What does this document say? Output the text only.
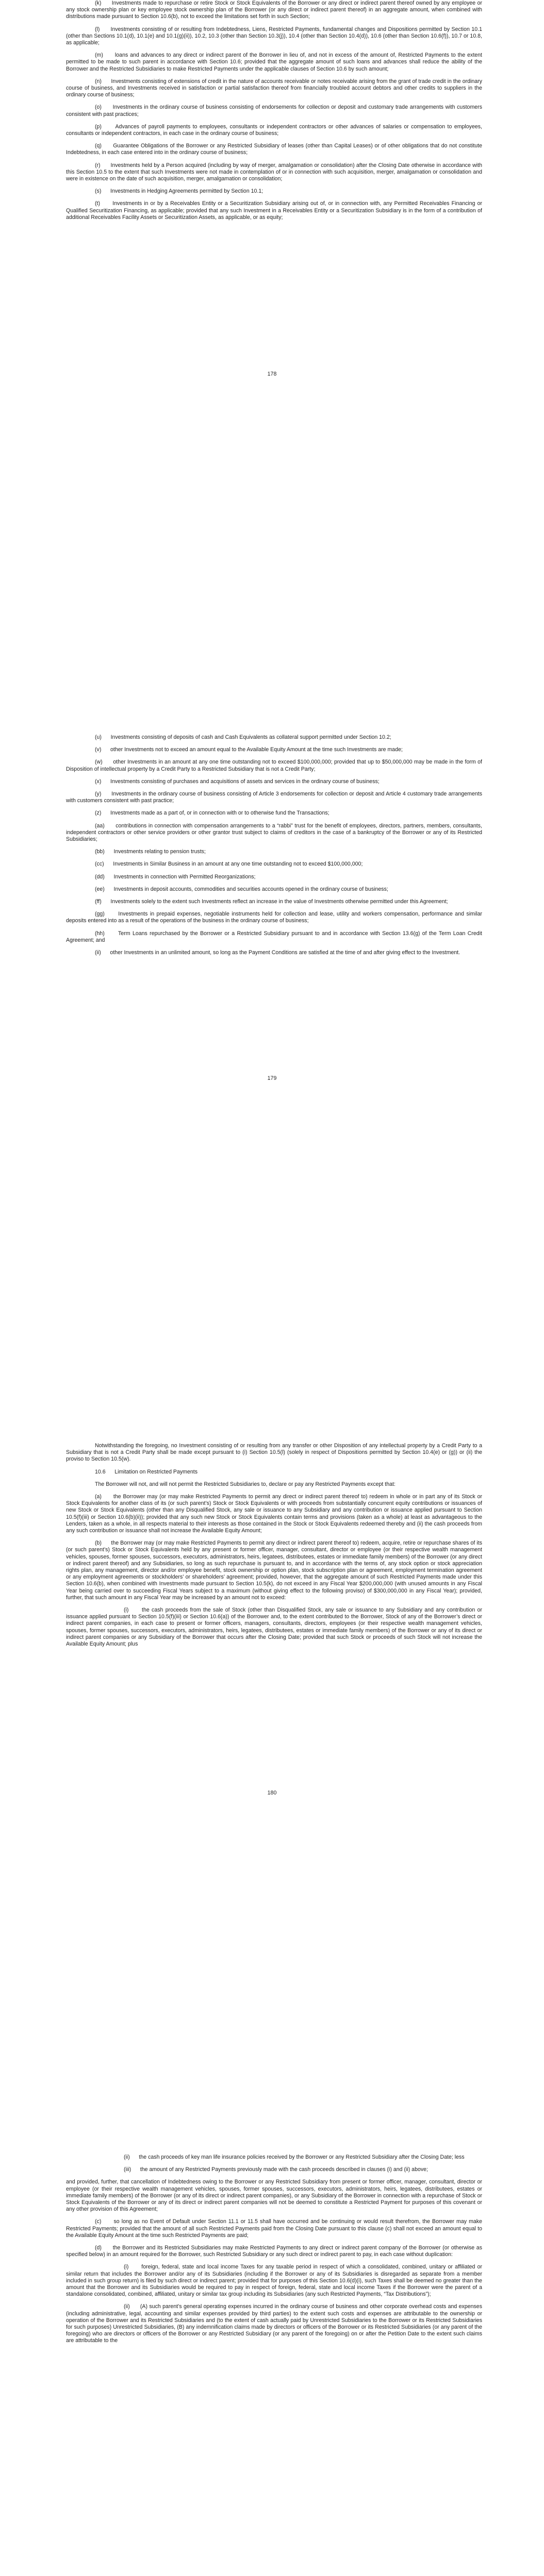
(k)      Investments made to repurchase or retire Stock or Stock Equivalents of the Borrower or any direct or indirect parent thereof owned by any employee or any stock ownership plan or key employee stock ownership plan of the Borrower (or any direct or indirect parent thereof) in an aggregate amount, when combined with distributions made pursuant to Section 10.6(b), not to exceed the limitations set forth in such Section;

(l)      Investments consisting of or resulting from Indebtedness, Liens, Restricted Payments, fundamental changes and Dispositions permitted by Section 10.1 (other than Sections 10.1(d), 10.1(e) and 10.1(g)(ii)), 10.2, 10.3 (other than Section 10.3(j)), 10.4 (other than Section 10.4(d)), 10.6 (other than Section 10.6(f)), 10.7 or 10.8, as applicable;

(m)      loans and advances to any direct or indirect parent of the Borrower in lieu of, and not in excess of the amount of, Restricted Payments to the extent permitted to be made to such parent in accordance with Section 10.6; provided that the aggregate amount of such loans and advances shall reduce the ability of the Borrower and the Restricted Subsidiaries to make Restricted Payments under the applicable clauses of Section 10.6 by such amount;

(n)      Investments consisting of extensions of credit in the nature of accounts receivable or notes receivable arising from the grant of trade credit in the ordinary course of business, and Investments received in satisfaction or partial satisfaction thereof from financially troubled account debtors and other credits to suppliers in the ordinary course of business;

(o)      Investments in the ordinary course of business consisting of endorsements for collection or deposit and customary trade arrangements with customers consistent with past practices;

(p)      Advances of payroll payments to employees, consultants or independent contractors or other advances of salaries or compensation to employees, consultants or independent contractors, in each case in the ordinary course of business;

(q)      Guarantee Obligations of the Borrower or any Restricted Subsidiary of leases (other than Capital Leases) or of other obligations that do not constitute Indebtedness, in each case entered into in the ordinary course of business;

(r)      Investments held by a Person acquired (including by way of merger, amalgamation or consolidation) after the Closing Date otherwise in accordance with this Section 10.5 to the extent that such Investments were not made in contemplation of or in connection with such acquisition, merger, amalgamation or consolidation and were in existence on the date of such acquisition, merger, amalgamation or consolidation;

(s)      Investments in Hedging Agreements permitted by Section 10.1;

(t)      Investments in or by a Receivables Entity or a Securitization Subsidiary arising out of, or in connection with, any Permitted Receivables Financing or Qualified Securitization Financing, as applicable; provided that any such Investment in a Receivables Entity or a Securitization Subsidiary is in the form of a contribution of additional Receivables Facility Assets or Securitization Assets, as applicable, or as equity;

178

(u)      Investments consisting of deposits of cash and Cash Equivalents as collateral support permitted under Section 10.2;

(v)      other Investments not to exceed an amount equal to the Available Equity Amount at the time such Investments are made;

(w)      other Investments in an amount at any one time outstanding not to exceed $100,000,000; provided that up to $50,000,000 may be made in the form of Disposition of intellectual property by a Credit Party to a Restricted Subsidiary that is not a Credit Party;

(x)      Investments consisting of purchases and acquisitions of assets and services in the ordinary course of business;

(y)      Investments in the ordinary course of business consisting of Article 3 endorsements for collection or deposit and Article 4 customary trade arrangements with customers consistent with past practice;

(z)      Investments made as a part of, or in connection with or to otherwise fund the Transactions;

(aa)      contributions in connection with compensation arrangements to a “rabbi” trust for the benefit of employees, directors, partners, members, consultants, independent contractors or other service providers or other grantor trust subject to claims of creditors in the case of a bankruptcy of the Borrower or any of its Restricted Subsidiaries;

(bb)      Investments relating to pension trusts;

(cc)      Investments in Similar Business in an amount at any one time outstanding not to exceed $100,000,000;

(dd)      Investments in connection with Permitted Reorganizations;

(ee)      Investments in deposit accounts, commodities and securities accounts opened in the ordinary course of business;

(ff)      Investments solely to the extent such Investments reflect an increase in the value of Investments otherwise permitted under this Agreement;

(gg)      Investments in prepaid expenses, negotiable instruments held for collection and lease, utility and workers compensation, performance and similar deposits entered into as a result of the operations of the business in the ordinary course of business;

(hh)      Term Loans repurchased by the Borrower or a Restricted Subsidiary pursuant to and in accordance with Section 13.6(g) of the Term Loan Credit Agreement; and

(ii)      other Investments in an unlimited amount, so long as the Payment Conditions are satisfied at the time of and after giving effect to the Investment.

179

Notwithstanding the foregoing, no Investment consisting of or resulting from any transfer or other Disposition of any intellectual property by a Credit Party to a Subsidiary that is not a Credit Party shall be made except pursuant to (i) Section 10.5(l) (solely in respect of Dispositions permitted by Section 10.4(e) or (g)) or (ii) the proviso to Section 10.5(w).

10.6      Limitation on Restricted Payments

The Borrower will not, and will not permit the Restricted Subsidiaries to, declare or pay any Restricted Payments except that:

(a)      the Borrower may (or may make Restricted Payments to permit any direct or indirect parent thereof to) redeem in whole or in part any of its Stock or Stock Equivalents for another class of its (or such parent’s) Stock or Stock Equivalents or with proceeds from substantially concurrent equity contributions or issuances of new Stock or Stock Equivalents (other than any Disqualified Stock, any sale or issuance to any Subsidiary and any contribution or issuance applied pursuant to Section 10.5(f)(iii) or Section 10.6(b)(ii)); provided that any such new Stock or Stock Equivalents contain terms and provisions (taken as a whole) at least as advantageous to the Lenders, taken as a whole, in all respects material to their interests as those contained in the Stock or Stock Equivalents redeemed thereby and (ii) the cash proceeds from any such contribution or issuance shall not increase the Available Equity Amount;

(b)      the Borrower may (or may make Restricted Payments to permit any direct or indirect parent thereof to) redeem, acquire, retire or repurchase shares of its (or such parent’s) Stock or Stock Equivalents held by any present or former officer, manager, consultant, director or employee (or their respective wealth management vehicles, spouses, former spouses, successors, executors, administrators, heirs, legatees, distributees, estates or immediate family members) of the Borrower (or any direct or indirect parent thereof) and any Subsidiaries, so long as such repurchase is pursuant to, and in accordance with the terms of, any stock option or stock appreciation rights plan, any management, director and/or employee benefit, stock ownership or option plan, stock subscription plan or agreement, employment termination agreement or any employment agreements or stockholders’ or shareholders’ agreement; provided, however, that the aggregate amount of such Restricted Payments made under this Section 10.6(b), when combined with Investments made pursuant to Section 10.5(k), do not exceed in any Fiscal Year $200,000,000 (with unused amounts in any Fiscal Year being carried over to succeeding Fiscal Years subject to a maximum (without giving effect to the following proviso) of $300,000,000 in any Fiscal Year); provided, further, that such amount in any Fiscal Year may be increased by an amount not to exceed:

(i)      the cash proceeds from the sale of Stock (other than Disqualified Stock, any sale or issuance to any Subsidiary and any contribution or issuance applied pursuant to Section 10.5(f)(iii) or Section 10.6(a)) of the Borrower and, to the extent contributed to the Borrower, Stock of any of the Borrower’s direct or indirect parent companies, in each case to present or former officers, managers, consultants, directors, employees (or their respective wealth management vehicles, spouses, former spouses, successors, executors, administrators, heirs, legatees, distributees, estates or immediate family members) of the Borrower or any of its direct or indirect parent companies or any Subsidiary of the Borrower that occurs after the Closing Date; provided that such Stock or proceeds of such Stock will not increase the Available Equity Amount; plus

180

(ii)      the cash proceeds of key man life insurance policies received by the Borrower or any Restricted Subsidiary after the Closing Date; less

(iii)      the amount of any Restricted Payments previously made with the cash proceeds described in clauses (i) and (ii) above;

and provided, further, that cancellation of Indebtedness owing to the Borrower or any Restricted Subsidiary from present or former officer, manager, consultant, director or employee (or their respective wealth management vehicles, spouses, former spouses, successors, executors, administrators, heirs, legatees, distributees, estates or immediate family members) of the Borrower (or any of its direct or indirect parent companies), or any Subsidiary of the Borrower in connection with a repurchase of Stock or Stock Equivalents of the Borrower or any of its direct or indirect parent companies will not be deemed to constitute a Restricted Payment for purposes of this covenant or any other provision of this Agreement;

(c)      so long as no Event of Default under Section 11.1 or 11.5 shall have occurred and be continuing or would result therefrom, the Borrower may make Restricted Payments; provided that the amount of all such Restricted Payments paid from the Closing Date pursuant to this clause (c) shall not exceed an amount equal to the Available Equity Amount at the time such Restricted Payments are paid;

(d)      the Borrower and its Restricted Subsidiaries may make Restricted Payments to any direct or indirect parent company of the Borrower (or otherwise as specified below) in an amount required for the Borrower, such Restricted Subsidiary or any such direct or indirect parent to pay, in each case without duplication:

(i)      foreign, federal, state and local income Taxes for any taxable period in respect of which a consolidated, combined, unitary or affiliated or similar return that includes the Borrower and/or any of its Subsidiaries (including if the Borrower or any of its Subsidiaries is disregarded as separate from a member included in such group return) is filed by such direct or indirect parent; provided that for purposes of this Section 10.6(d)(i), such Taxes shall be deemed no greater than the amount that the Borrower and its Subsidiaries would be required to pay in respect of foreign, federal, state and local income Taxes if the Borrower were the parent of a standalone consolidated, combined, affiliated, unitary or similar tax group including its Subsidiaries (any such Restricted Payments, “Tax Distributions”);

(ii)      (A) such parent’s general operating expenses incurred in the ordinary course of business and other corporate overhead costs and expenses (including administrative, legal, accounting and similar expenses provided by third parties) to the extent such costs and expenses are attributable to the ownership or operation of the Borrower and its Restricted Subsidiaries and (to the extent of cash actually paid by Unrestricted Subsidiaries to the Borrower or its Restricted Subsidiaries for such purposes) Unrestricted Subsidiaries, (B) any indemnification claims made by directors or officers of the Borrower or its Restricted Subsidiaries (or any parent of the foregoing) who are directors or officers of the Borrower or any Restricted Subsidiary (or any parent of the foregoing) on or after the Petition Date to the extent such claims are attributable to the
